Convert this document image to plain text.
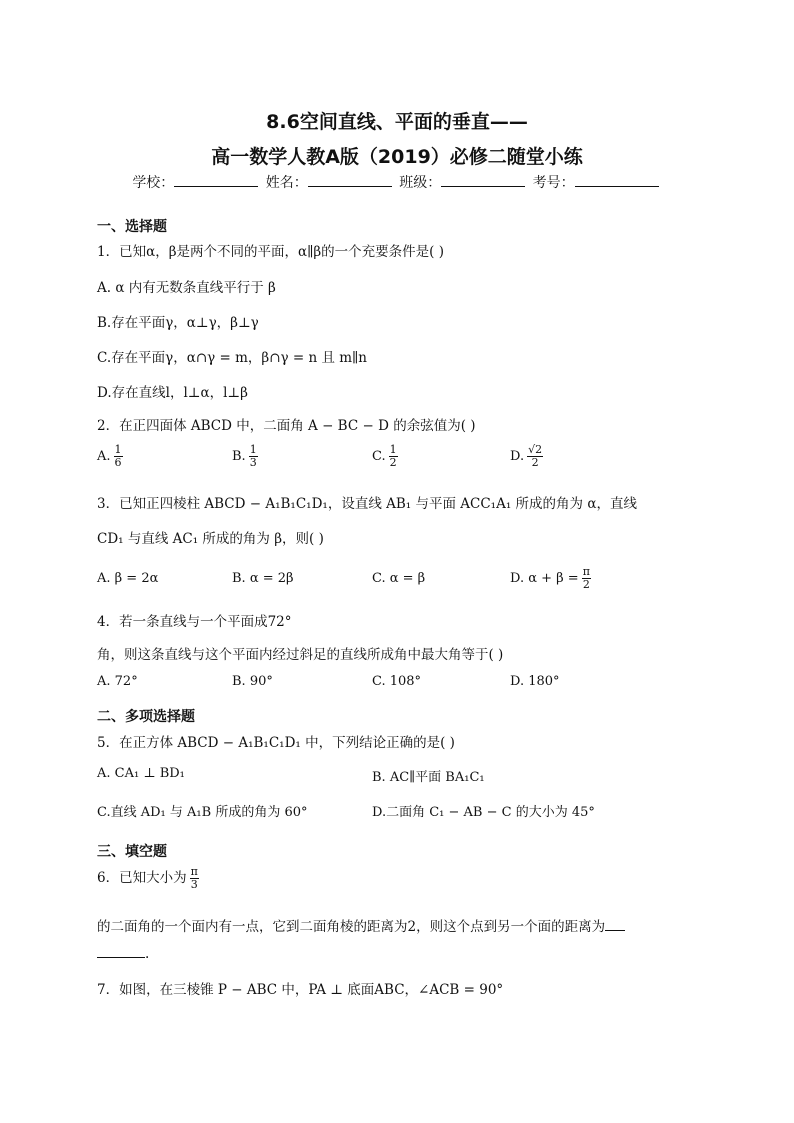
8.6空间直线、平面的垂直——
高一数学人教A版（2019）必修二随堂小练
学校：	姓名：	班级：	考号：
一、选择题
1．已知α，β是两个不同的平面，α∥β的一个充要条件是( )
A. α 内有无数条直线平行于 β
B.存在平面γ，α⊥γ，β⊥γ
C.存在平面γ，α∩γ = m，β∩γ = n 且 m∥n
D.存在直线l，l⊥α，l⊥β
2．在正四面体 ABCD 中，二面角 A − BC − D 的余弦值为( )
A. $\frac{1}{6}$	B. $\frac{1}{3}$	C. $\frac{1}{2}$	D. $\frac{√2}{2}$
3．已知正四棱柱 ABCD − A₁B₁C₁D₁，设直线 AB₁ 与平面 ACC₁A₁ 所成的角为 α，直线
CD₁ 与直线 AC₁ 所成的角为 β，则( )
A. β = 2α	B. α = 2β	C. α = β	D. $\alpha + \beta = \frac{\pi}{2}$
4．若一条直线与一个平面成72°
角，则这条直线与这个平面内经过斜足的直线所成角中最大角等于( )
A. 72°	B. 90°	C. 108°	D. 180°
二、多项选择题
5．在正方体 ABCD − A₁B₁C₁D₁ 中，下列结论正确的是( )
A. CA₁ ⊥ BD₁	B. AC∥平面 BA₁C₁
C.直线 AD₁ 与 A₁B 所成的角为 60°	D.二面角 C₁ − AB − C 的大小为 45°
三、填空题
6．已知大小为 $\frac{\pi}{3}$
的二面角的一个面内有一点，它到二面角棱的距离为2，则这个点到另一个面的距离为
.
7．如图，在三棱锥 P − ABC 中，PA ⊥ 底面ABC，∠ACB = 90°
